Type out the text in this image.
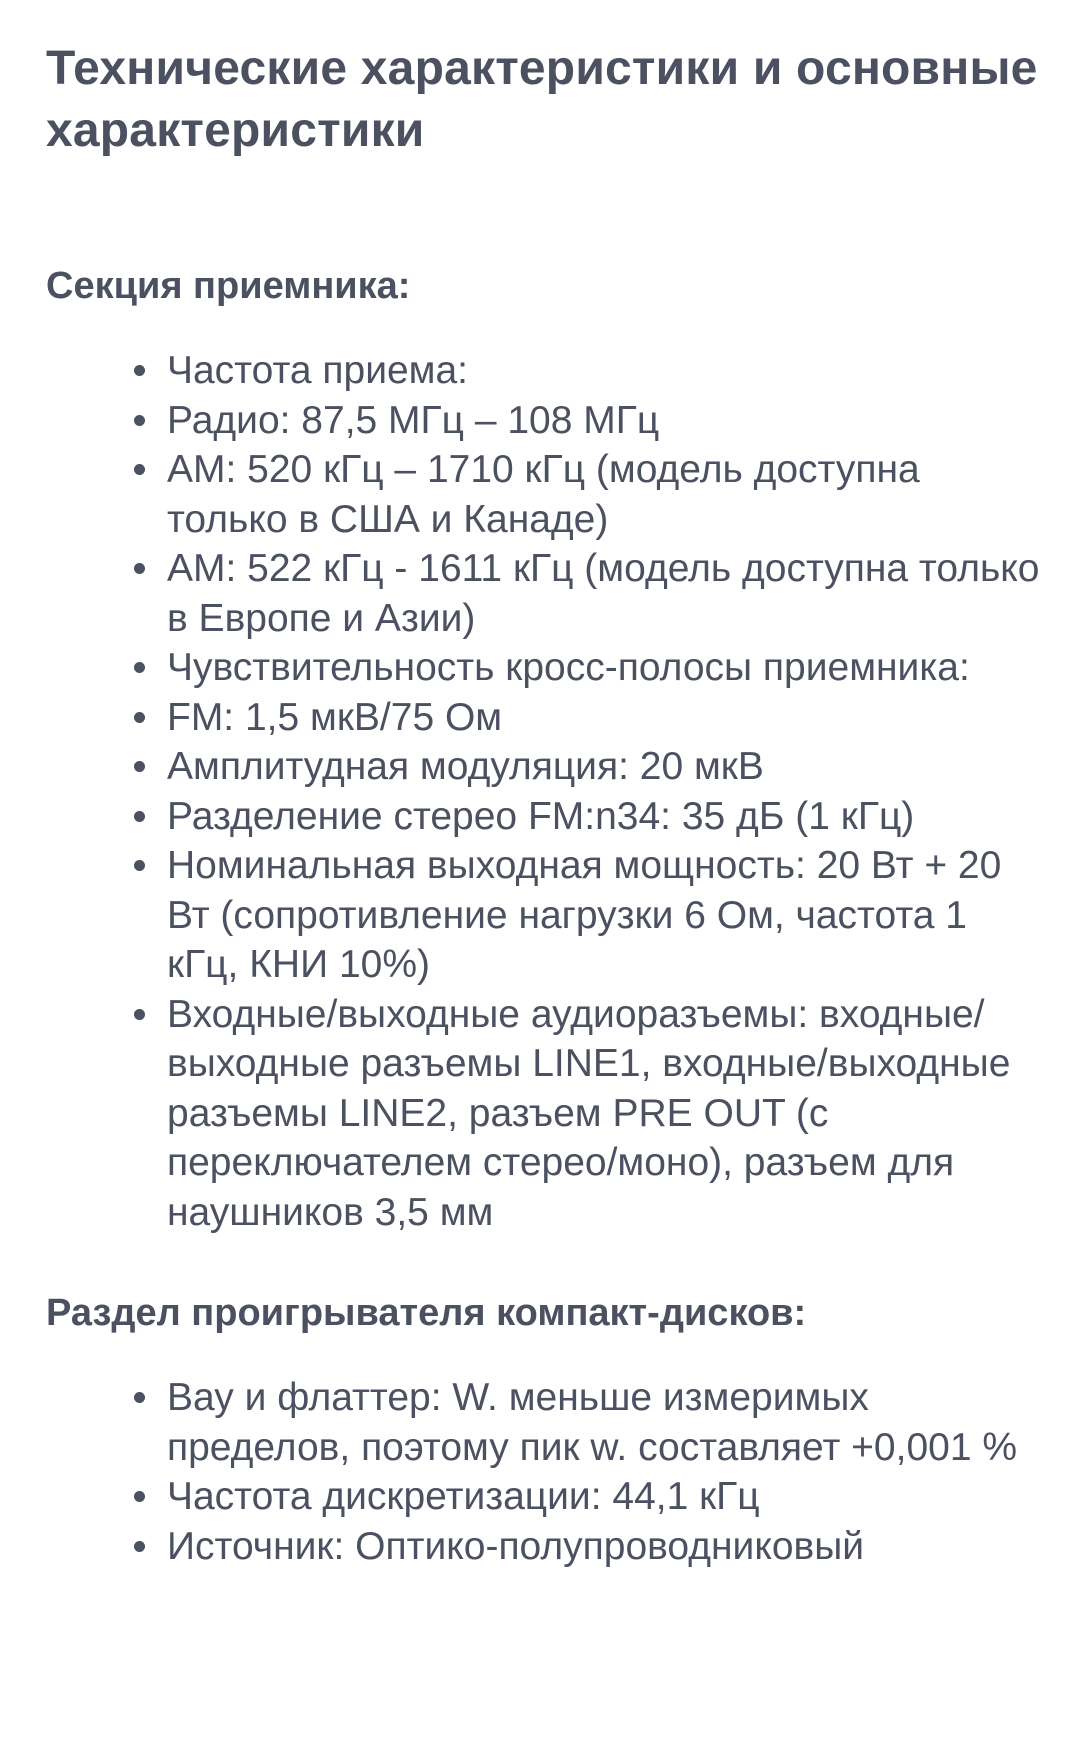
Технические характеристики и основные характеристики
Секция приемника:
Частота приема:
Радио: 87,5 МГц – 108 МГц
АМ: 520 кГц – 1710 кГц (модель доступна только в США и Канаде)
АМ: 522 кГц - 1611 кГц (модель доступна только в Европе и Азии)
Чувствительность кросс-полосы приемника:
FM: 1,5 мкВ/75 Ом
Амплитудная модуляция: 20 мкВ
Разделение стерео FM:n34: 35 дБ (1 кГц)
Номинальная выходная мощность: 20 Вт + 20 Вт (сопротивление нагрузки 6 Ом, частота 1 кГц, КНИ 10%)
Входные/выходные аудиоразъемы: входные/выходные разъемы LINE1, входные/выходные разъемы LINE2, разъем PRE OUT (с переключателем стерео/моно), разъем для наушников 3,5 мм
Раздел проигрывателя компакт-дисков:
Вау и флаттер: W. меньше измеримых пределов, поэтому пик w. составляет +0,001 %
Частота дискретизации: 44,1 кГц
Источник: Оптико-полупроводниковый
